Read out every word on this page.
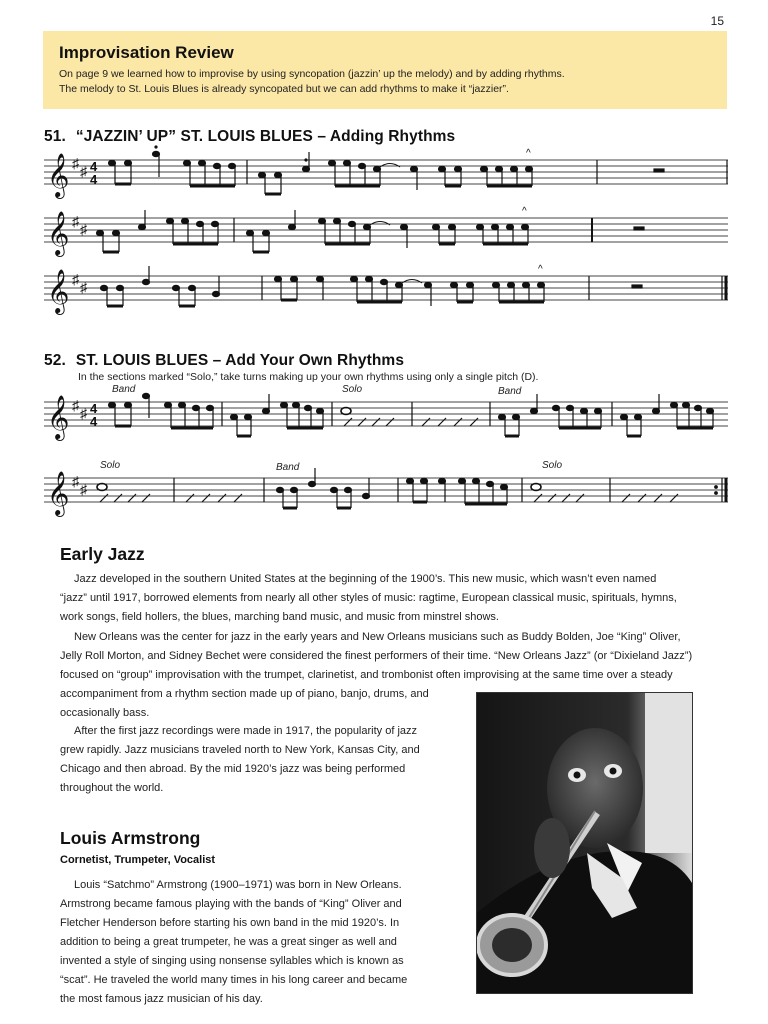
15
Improvisation Review
On page 9 we learned how to improvise by using syncopation (jazzin’ up the melody) and by adding rhythms.
The melody to St. Louis Blues is already syncopated but we can add rhythms to make it “jazzier”.
51. “JAZZIN’ UP” ST. LOUIS BLUES – Adding Rhythms
𝄞 ♯ ♯ 4
4
^
𝄞 ♯ ♯
^
𝄞 ♯ ♯
^
52. ST. LOUIS BLUES – Add Your Own Rhythms
In the sections marked “Solo,” take turns making up your own rhythms using only a single pitch (D).
𝄞 ♯ ♯ 4
4
Band	Solo	Band
𝄞 ♯ ♯
Solo	Band	Solo
Early Jazz
Jazz developed in the southern United States at the beginning of the 1900’s. This new music, which wasn’t even named
“jazz” until 1917, borrowed elements from nearly all other styles of music: ragtime, European classical music, spirituals, hymns,
work songs, field hollers, the blues, marching band music, and music from minstrel shows.
New Orleans was the center for jazz in the early years and New Orleans musicians such as Buddy Bolden, Joe “King” Oliver,
Jelly Roll Morton, and Sidney Bechet were considered the finest performers of their time. “New Orleans Jazz” (or “Dixieland Jazz”)
focused on “group” improvisation with the trumpet, clarinetist, and trombonist often improvising at the same time over a steady
accompaniment from a rhythm section made up of piano, banjo, drums, and
occasionally bass.
After the first jazz recordings were made in 1917, the popularity of jazz
grew rapidly. Jazz musicians traveled north to New York, Kansas City, and
Chicago and then abroad. By the mid 1920’s jazz was being performed
throughout the world.
Louis Armstrong
Cornetist, Trumpeter, Vocalist
Louis “Satchmo” Armstrong (1900–1971) was born in New Orleans.
Armstrong became famous playing with the bands of “King” Oliver and
Fletcher Henderson before starting his own band in the mid 1920’s. In
addition to being a great trumpeter, he was a great singer as well and
invented a style of singing using nonsense syllables which is known as
“scat”. He traveled the world many times in his long career and became
the most famous jazz musician of his day.
